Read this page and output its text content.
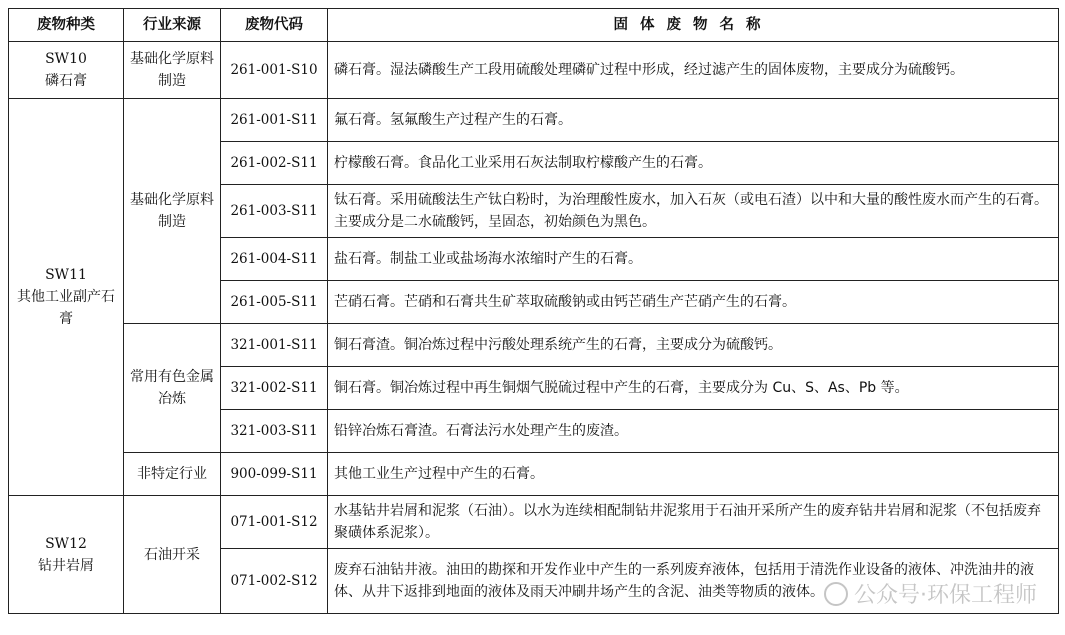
废物种类	行业来源	废物代码	固体废物名称

SW10
磷石膏	基础化学原料制造	261-001-S10	磷石膏。湿法磷酸生产工段用硫酸处理磷矿过程中形成，经过滤产生的固体废物，主要成分为硫酸钙。

SW11
其他工业副产石膏	基础化学原料制造	261-001-S11	氟石膏。氢氟酸生产过程产生的石膏。
		261-002-S11	柠檬酸石膏。食品化工业采用石灰法制取柠檬酸产生的石膏。
		261-003-S11	钛石膏。采用硫酸法生产钛白粉时，为治理酸性废水，加入石灰（或电石渣）以中和大量的酸性废水而产生的石膏。主要成分是二水硫酸钙，呈固态，初始颜色为黑色。
		261-004-S11	盐石膏。制盐工业或盐场海水浓缩时产生的石膏。
		261-005-S11	芒硝石膏。芒硝和石膏共生矿萃取硫酸钠或由钙芒硝生产芒硝产生的石膏。
	常用有色金属冶炼	321-001-S11	铜石膏渣。铜冶炼过程中污酸处理系统产生的石膏，主要成分为硫酸钙。
		321-002-S11	铜石膏。铜冶炼过程中再生铜烟气脱硫过程中产生的石膏，主要成分为 Cu、S、As、Pb 等。
		321-003-S11	铅锌冶炼石膏渣。石膏法污水处理产生的废渣。
	非特定行业	900-099-S11	其他工业生产过程中产生的石膏。

SW12
钻井岩屑	石油开采	071-001-S12	水基钻井岩屑和泥浆（石油）。以水为连续相配制钻井泥浆用于石油开采所产生的废弃钻井岩屑和泥浆（不包括废弃聚磺体系泥浆）。
		071-002-S12	废弃石油钻井液。油田的勘探和开发作业中产生的一系列废弃液体，包括用于清洗作业设备的液体、冲洗油井的液体、从井下返排到地面的液体及雨天冲刷井场产生的含泥、油类等物质的液体。 公众号·环保工程师
